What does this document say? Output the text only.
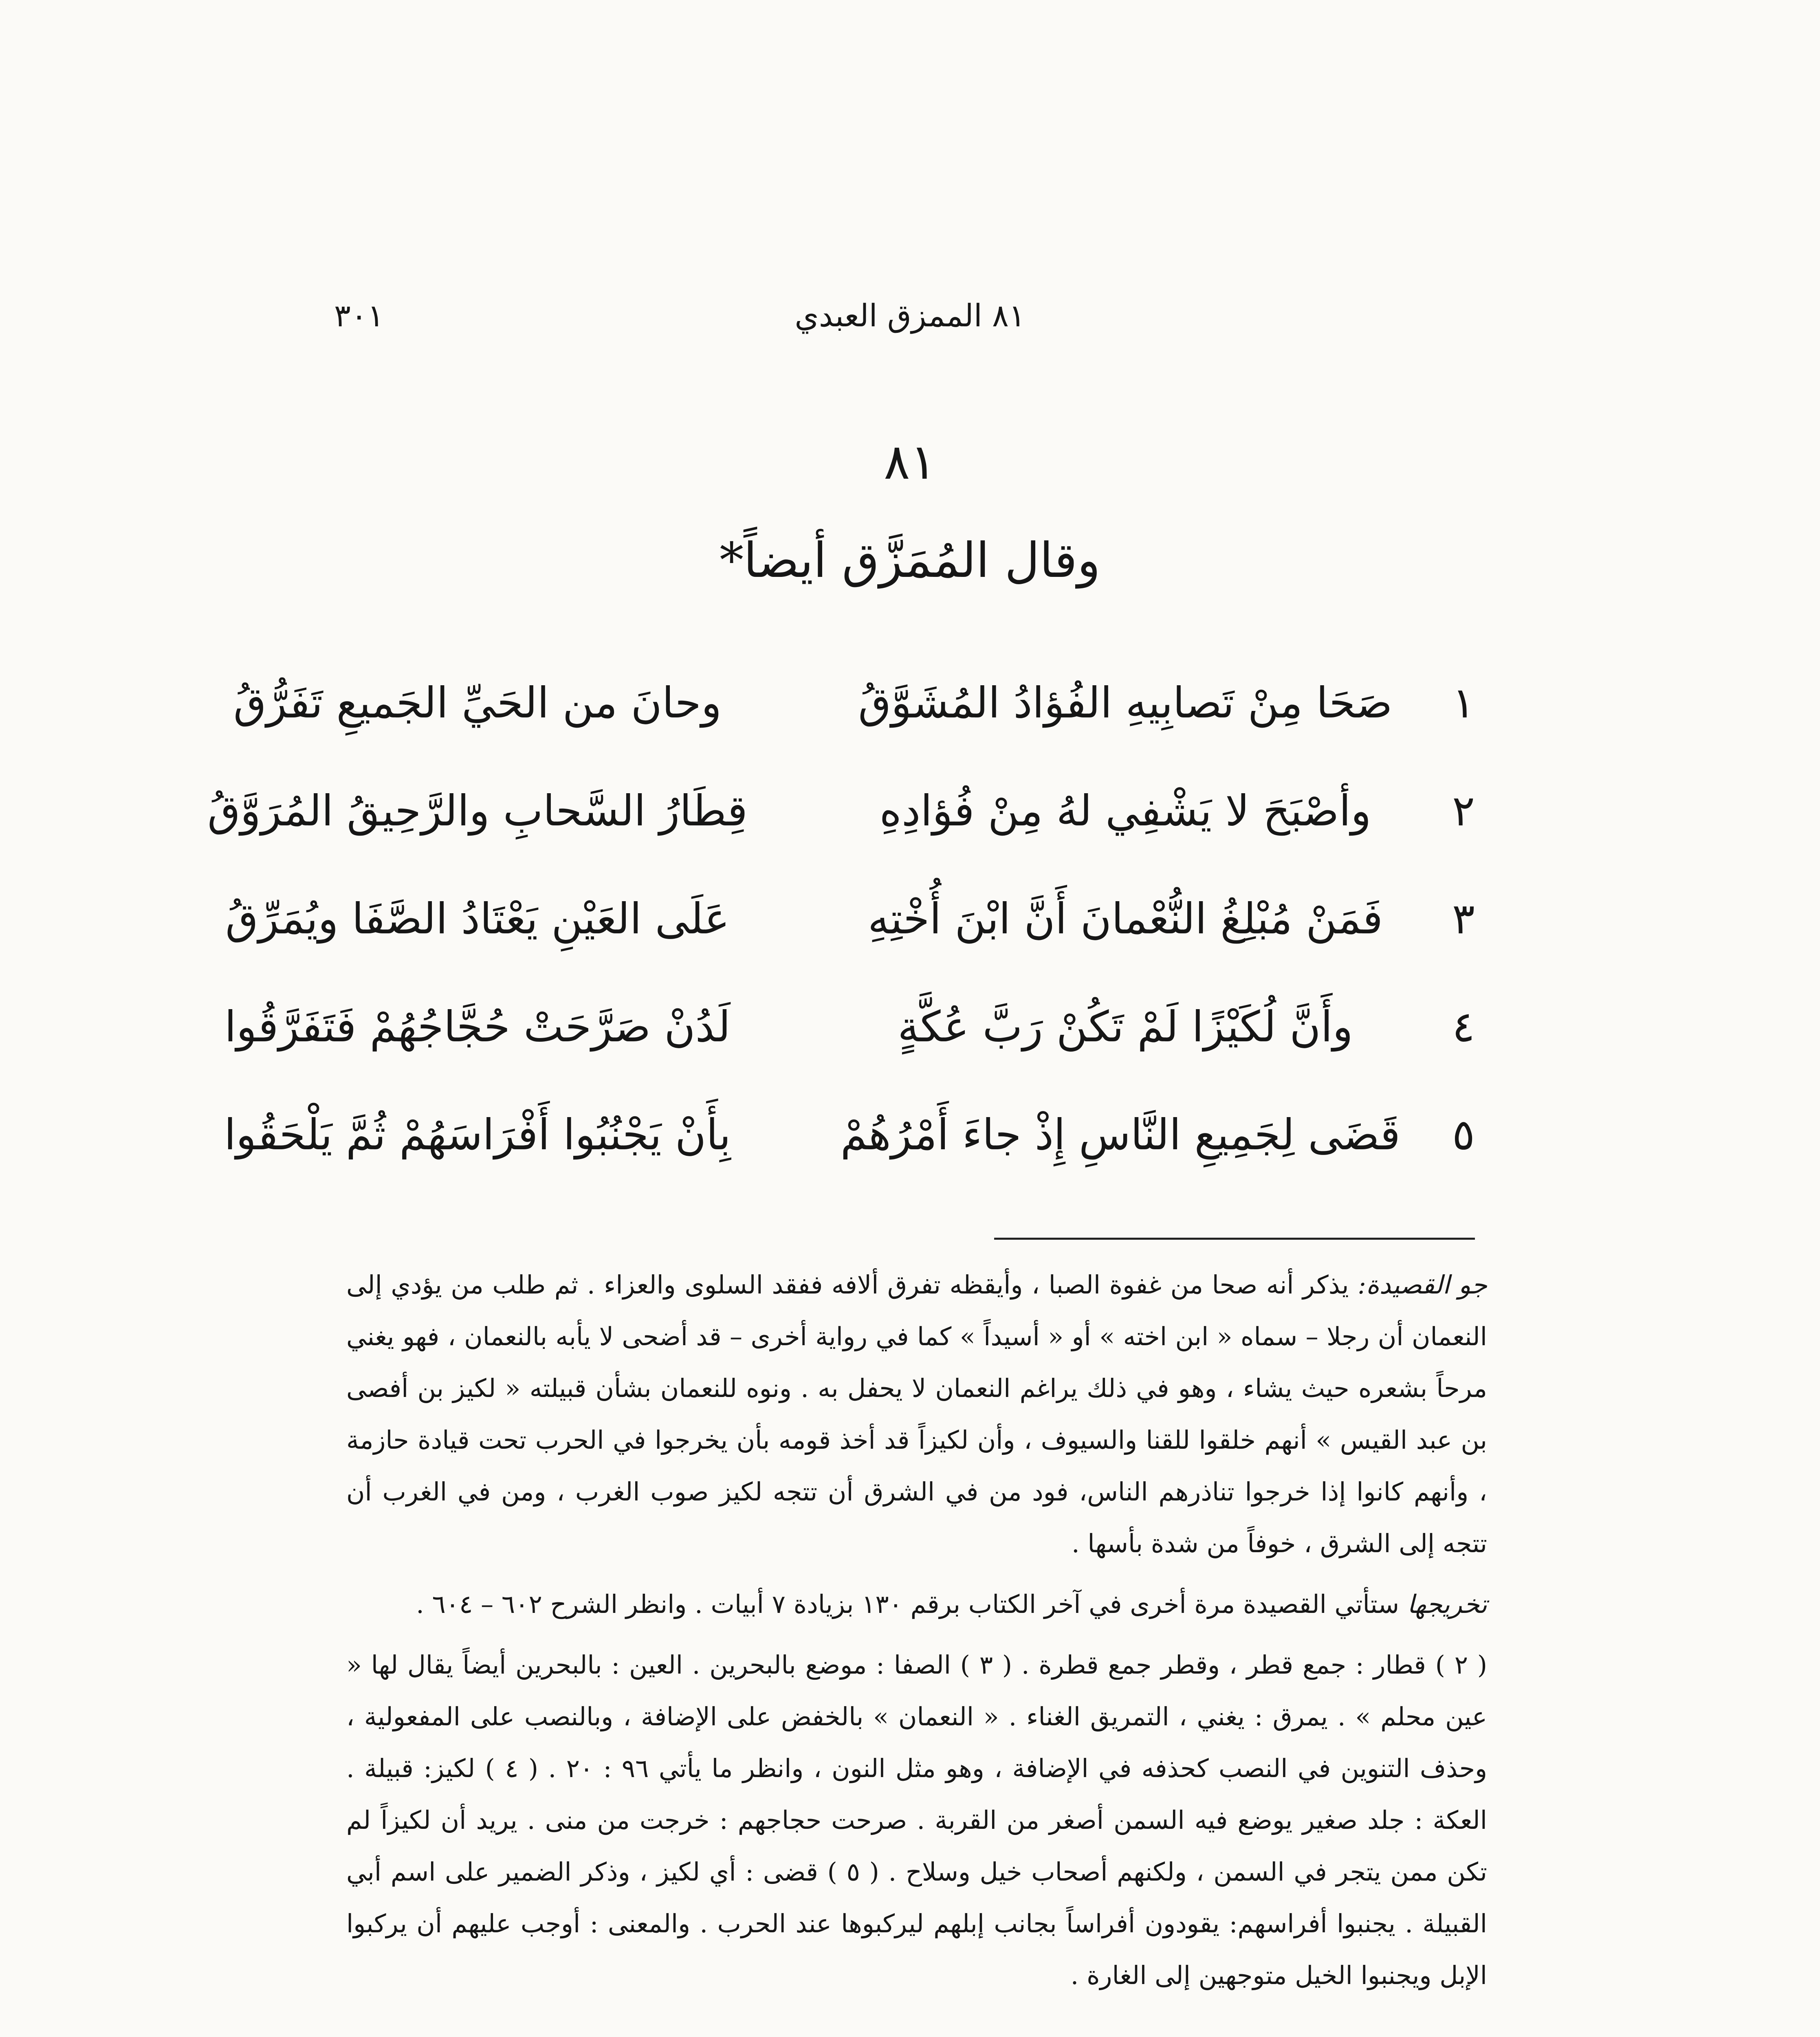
٨١ الممزق العبدي
٣٠١
٨١
وقال المُمَزَّق أيضاً*
١
صَحَا مِنْ تَصابِيهِ الفُؤادُ المُشَوَّقُ
وحانَ من الحَيِّ الجَميعِ تَفَرُّقُ
٢
وأصْبَحَ لا يَشْفِي لهُ مِنْ فُؤادِهِ
قِطَارُ السَّحابِ والرَّحِيقُ المُرَوَّقُ
٣
فَمَنْ مُبْلِغُ النُّعْمانَ أَنَّ ابْنَ أُخْتِهِ
عَلَى العَيْنِ يَعْتَادُ الصَّفَا ويُمَرِّقُ
٤
وأَنَّ لُكَيْزًا لَمْ تَكُنْ رَبَّ عُكَّةٍ
لَدُنْ صَرَّحَتْ حُجَّاجُهُمْ فَتَفَرَّقُوا
٥
قَضَى لِجَمِيعِ النَّاسِ إِذْ جاءَ أَمْرُهُمْ
بِأَنْ يَجْنُبُوا أَفْرَاسَهُمْ ثُمَّ يَلْحَقُوا

جو القصيدة: يذكر أنه صحا من غفوة الصبا ، وأيقظه تفرق ألافه ففقد السلوى والعزاء . ثم طلب من يؤدي إلى النعمان أن رجلا – سماه « ابن اخته » أو « أسيداً » كما في رواية أخرى – قد أضحى لا يأبه بالنعمان ، فهو يغني مرحاً بشعره حيث يشاء ، وهو في ذلك يراغم النعمان لا يحفل به . ونوه للنعمان بشأن قبيلته « لكيز بن أفصى بن عبد القيس » أنهم خلقوا للقنا والسيوف ، وأن لكيزاً قد أخذ قومه بأن يخرجوا في الحرب تحت قيادة حازمة ، وأنهم كانوا إذا خرجوا تناذرهم الناس، فود من في الشرق أن تتجه لكيز صوب الغرب ، ومن في الغرب أن تتجه إلى الشرق ، خوفاً من شدة بأسها .

تخريجها ستأتي القصيدة مرة أخرى في آخر الكتاب برقم ١٣٠ بزيادة ٧ أبيات . وانظر الشرح ٦٠٢ – ٦٠٤ .

( ٢ ) قطار : جمع قطر ، وقطر جمع قطرة . ( ٣ ) الصفا : موضع بالبحرين . العين : بالبحرين أيضاً يقال لها « عين محلم » . يمرق : يغني ، التمريق الغناء . « النعمان » بالخفض على الإضافة ، وبالنصب على المفعولية ، وحذف التنوين في النصب كحذفه في الإضافة ، وهو مثل النون ، وانظر ما يأتي ٩٦ : ٢٠ . ( ٤ ) لكيز: قبيلة . العكة : جلد صغير يوضع فيه السمن أصغر من القربة . صرحت حجاجهم : خرجت من منى . يريد أن لكيزاً لم تكن ممن يتجر في السمن ، ولكنهم أصحاب خيل وسلاح . ( ٥ ) قضى : أي لكيز ، وذكر الضمير على اسم أبي القبيلة . يجنبوا أفراسهم: يقودون أفراساً بجانب إبلهم ليركبوها عند الحرب . والمعنى : أوجب عليهم أن يركبوا الإبل ويجنبوا الخيل متوجهين إلى الغارة .
